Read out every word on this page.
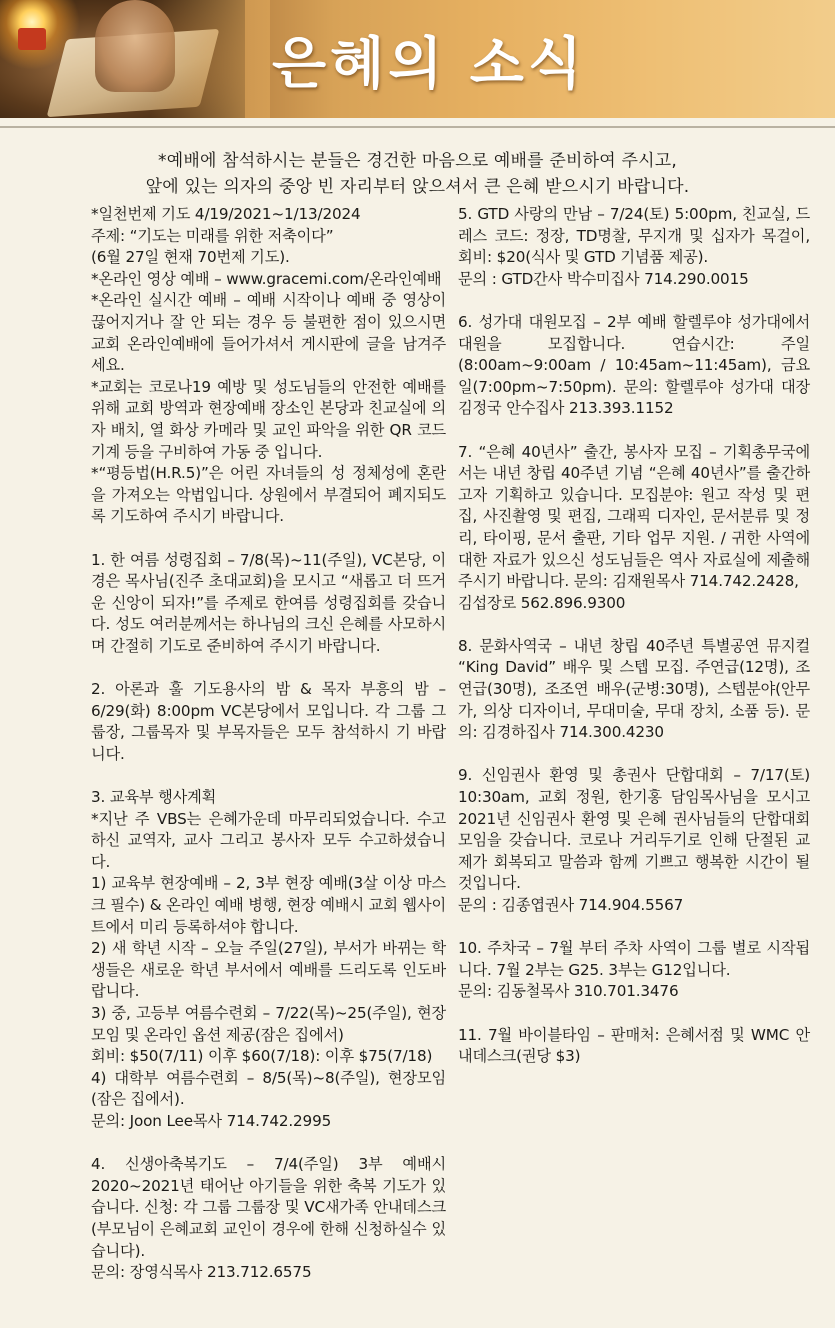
은혜의 소식
*예배에 참석하시는 분들은 경건한 마음으로 예배를 준비하여 주시고,
앞에 있는 의자의 중앙 빈 자리부터 앉으셔서 큰 은혜 받으시기 바랍니다.
*일천번제 기도 4/19/2021~1/13/2024
주제: “기도는 미래를 위한 저축이다”
(6월 27일 현재 70번제 기도).
*온라인 영상 예배 – www.gracemi.com/온라인예배
*온라인 실시간 예배 – 예배 시작이나 예배 중 영상이 끊어지거나 잘 안 되는 경우 등 불편한 점이 있으시면 교회 온라인예배에 들어가셔서 게시판에 글을 남겨주세요.
*교회는 코로나19 예방 및 성도님들의 안전한 예배를 위해 교회 방역과 현장예배 장소인 본당과 친교실에 의자 배치, 열 화상 카메라 및 교인 파악을 위한 QR 코드 기계 등을 구비하여 가동 중 입니다.
*“평등법(H.R.5)”은 어린 자녀들의 성 정체성에 혼란을 가져오는 악법입니다. 상원에서 부결되어 폐지되도록 기도하여 주시기 바랍니다.
1. 한 여름 성령집회 – 7/8(목)~11(주일), VC본당, 이경은 목사님(진주 초대교회)을 모시고 “새롭고 더 뜨거운 신앙이 되자!”를 주제로 한여름 성령집회를 갖습니다. 성도 여러분께서는 하나님의 크신 은혜를 사모하시며 간절히 기도로 준비하여 주시기 바랍니다.
2. 아론과 훌 기도용사의 밤 & 목자 부흥의 밤 – 6/29(화) 8:00pm VC본당에서 모입니다. 각 그룹 그룹장, 그룹목자 및 부목자들은 모두 참석하시 기 바랍니다.
3. 교육부 행사계획
*지난 주 VBS는 은혜가운데 마무리되었습니다. 수고하신 교역자, 교사 그리고 봉사자 모두 수고하셨습니다.
1) 교육부 현장예배 – 2, 3부 현장 예배(3살 이상 마스크 필수) & 온라인 예배 병행, 현장 예배시 교회 웹사이트에서 미리 등록하셔야 합니다.
2) 새 학년 시작 – 오늘 주일(27일), 부서가 바뀌는 학생들은 새로운 학년 부서에서 예배를 드리도록 인도바랍니다.
3) 중, 고등부 여름수련회 – 7/22(목)~25(주일), 현장 모임 및 온라인 옵션 제공(잠은 집에서)
회비: $50(7/11) 이후 $60(7/18): 이후 $75(7/18)
4) 대학부 여름수련회 – 8/5(목)~8(주일), 현장모임(잠은 집에서).
문의: Joon Lee목사 714.742.2995
4. 신생아축복기도 – 7/4(주일) 3부 예배시 2020~2021년 태어난 아기들을 위한 축복 기도가 있습니다. 신청: 각 그룹 그룹장 및 VC새가족 안내데스크(부모님이 은혜교회 교인이 경우에 한해 신청하실수 있습니다).
문의: 장영식목사 213.712.6575
5. GTD 사랑의 만남 – 7/24(토) 5:00pm, 친교실, 드레스 코드: 정장, TD명찰, 무지개 및 십자가 목걸이, 회비: $20(식사 및 GTD 기념품 제공).
문의 : GTD간사 박수미집사 714.290.0015
6. 성가대 대원모집 – 2부 예배 할렐루야 성가대에서 대원을 모집합니다. 연습시간: 주일(8:00am~9:00am / 10:45am~11:45am), 금요일(7:00pm~7:50pm). 문의: 할렐루야 성가대 대장 김정국 안수집사 213.393.1152
7. “은혜 40년사” 출간, 봉사자 모집 – 기획총무국에서는 내년 창립 40주년 기념 “은혜 40년사”를 출간하고자 기획하고 있습니다. 모집분야: 원고 작성 및 편 집, 사진촬영 및 편집, 그래픽 디자인, 문서분류 및 정리, 타이핑, 문서 출판, 기타 업무 지원. / 귀한 사역에 대한 자료가 있으신 성도님들은 역사 자료실에 제출해 주시기 바랍니다. 문의: 김재원목사 714.742.2428,
김섭장로 562.896.9300
8. 문화사역국 – 내년 창립 40주년 특별공연 뮤지컬 “King David” 배우 및 스텝 모집. 주연급(12명), 조연급(30명), 조조연 배우(군병:30명), 스텝분야(안무가, 의상 디자이너, 무대미술, 무대 장치, 소품 등). 문의: 김경하집사 714.300.4230
9. 신임권사 환영 및 총권사 단합대회 – 7/17(토) 10:30am, 교회 정원, 한기홍 담임목사님을 모시고 2021년 신임권사 환영 및 은혜 권사님들의 단합대회 모임을 갖습니다. 코로나 거리두기로 인해 단절된 교제가 회복되고 말씀과 함께 기쁘고 행복한 시간이 될 것입니다.
문의 : 김종엽권사 714.904.5567
10. 주차국 – 7월 부터 주차 사역이 그룹 별로 시작됩니다. 7월 2부는 G25. 3부는 G12입니다.
문의: 김동철목사 310.701.3476
11. 7월 바이블타임 – 판매처: 은혜서점 및 WMC 안내데스크(권당 $3)
